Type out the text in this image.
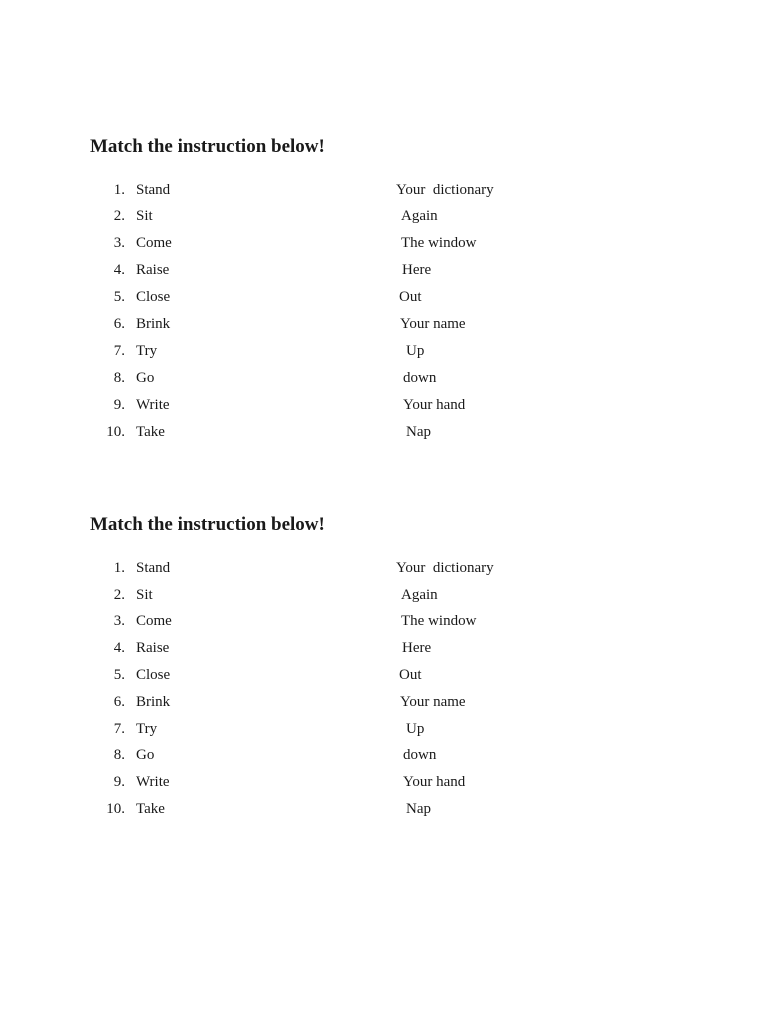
Match the instruction below!
1. Stand	Your  dictionary
2. Sit	Again
3. Come	The window
4. Raise	Here
5. Close	Out
6. Brink	Your name
7. Try	Up
8. Go	down
9. Write	Your hand
10. Take	Nap
Match the instruction below!
1. Stand	Your  dictionary
2. Sit	Again
3. Come	The window
4. Raise	Here
5. Close	Out
6. Brink	Your name
7. Try	Up
8. Go	down
9. Write	Your hand
10. Take	Nap
